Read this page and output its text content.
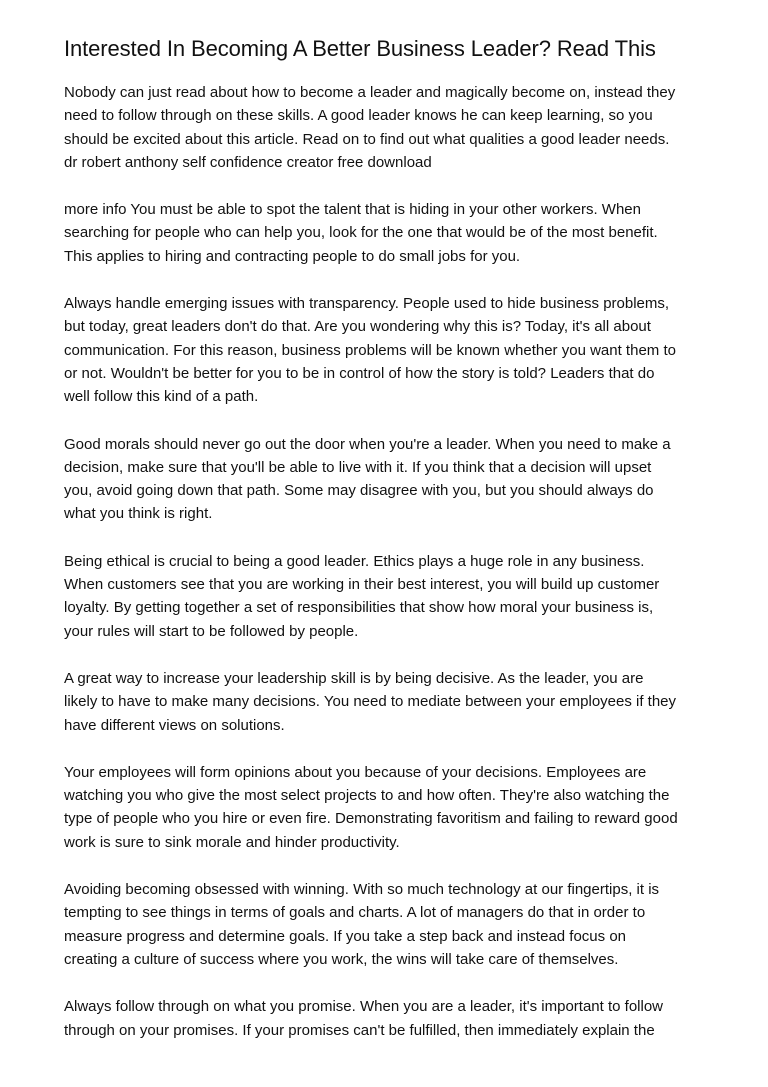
Interested In Becoming A Better Business Leader? Read This

Nobody can just read about how to become a leader and magically become on, instead they
need to follow through on these skills. A good leader knows he can keep learning, so you
should be excited about this article. Read on to find out what qualities a good leader needs.
dr robert anthony self confidence creator free download

more info You must be able to spot the talent that is hiding in your other workers. When
searching for people who can help you, look for the one that would be of the most benefit.
This applies to hiring and contracting people to do small jobs for you.

Always handle emerging issues with transparency. People used to hide business problems,
but today, great leaders don't do that. Are you wondering why this is? Today, it's all about
communication. For this reason, business problems will be known whether you want them to
or not. Wouldn't be better for you to be in control of how the story is told? Leaders that do
well follow this kind of a path.

Good morals should never go out the door when you're a leader. When you need to make a
decision, make sure that you'll be able to live with it. If you think that a decision will upset
you, avoid going down that path. Some may disagree with you, but you should always do
what you think is right.

Being ethical is crucial to being a good leader. Ethics plays a huge role in any business.
When customers see that you are working in their best interest, you will build up customer
loyalty. By getting together a set of responsibilities that show how moral your business is,
your rules will start to be followed by people.

A great way to increase your leadership skill is by being decisive. As the leader, you are
likely to have to make many decisions. You need to mediate between your employees if they
have different views on solutions.

Your employees will form opinions about you because of your decisions. Employees are
watching you who give the most select projects to and how often. They're also watching the
type of people who you hire or even fire. Demonstrating favoritism and failing to reward good
work is sure to sink morale and hinder productivity.

Avoiding becoming obsessed with winning. With so much technology at our fingertips, it is
tempting to see things in terms of goals and charts. A lot of managers do that in order to
measure progress and determine goals. If you take a step back and instead focus on
creating a culture of success where you work, the wins will take care of themselves.

Always follow through on what you promise. When you are a leader, it's important to follow
through on your promises. If your promises can't be fulfilled, then immediately explain the
